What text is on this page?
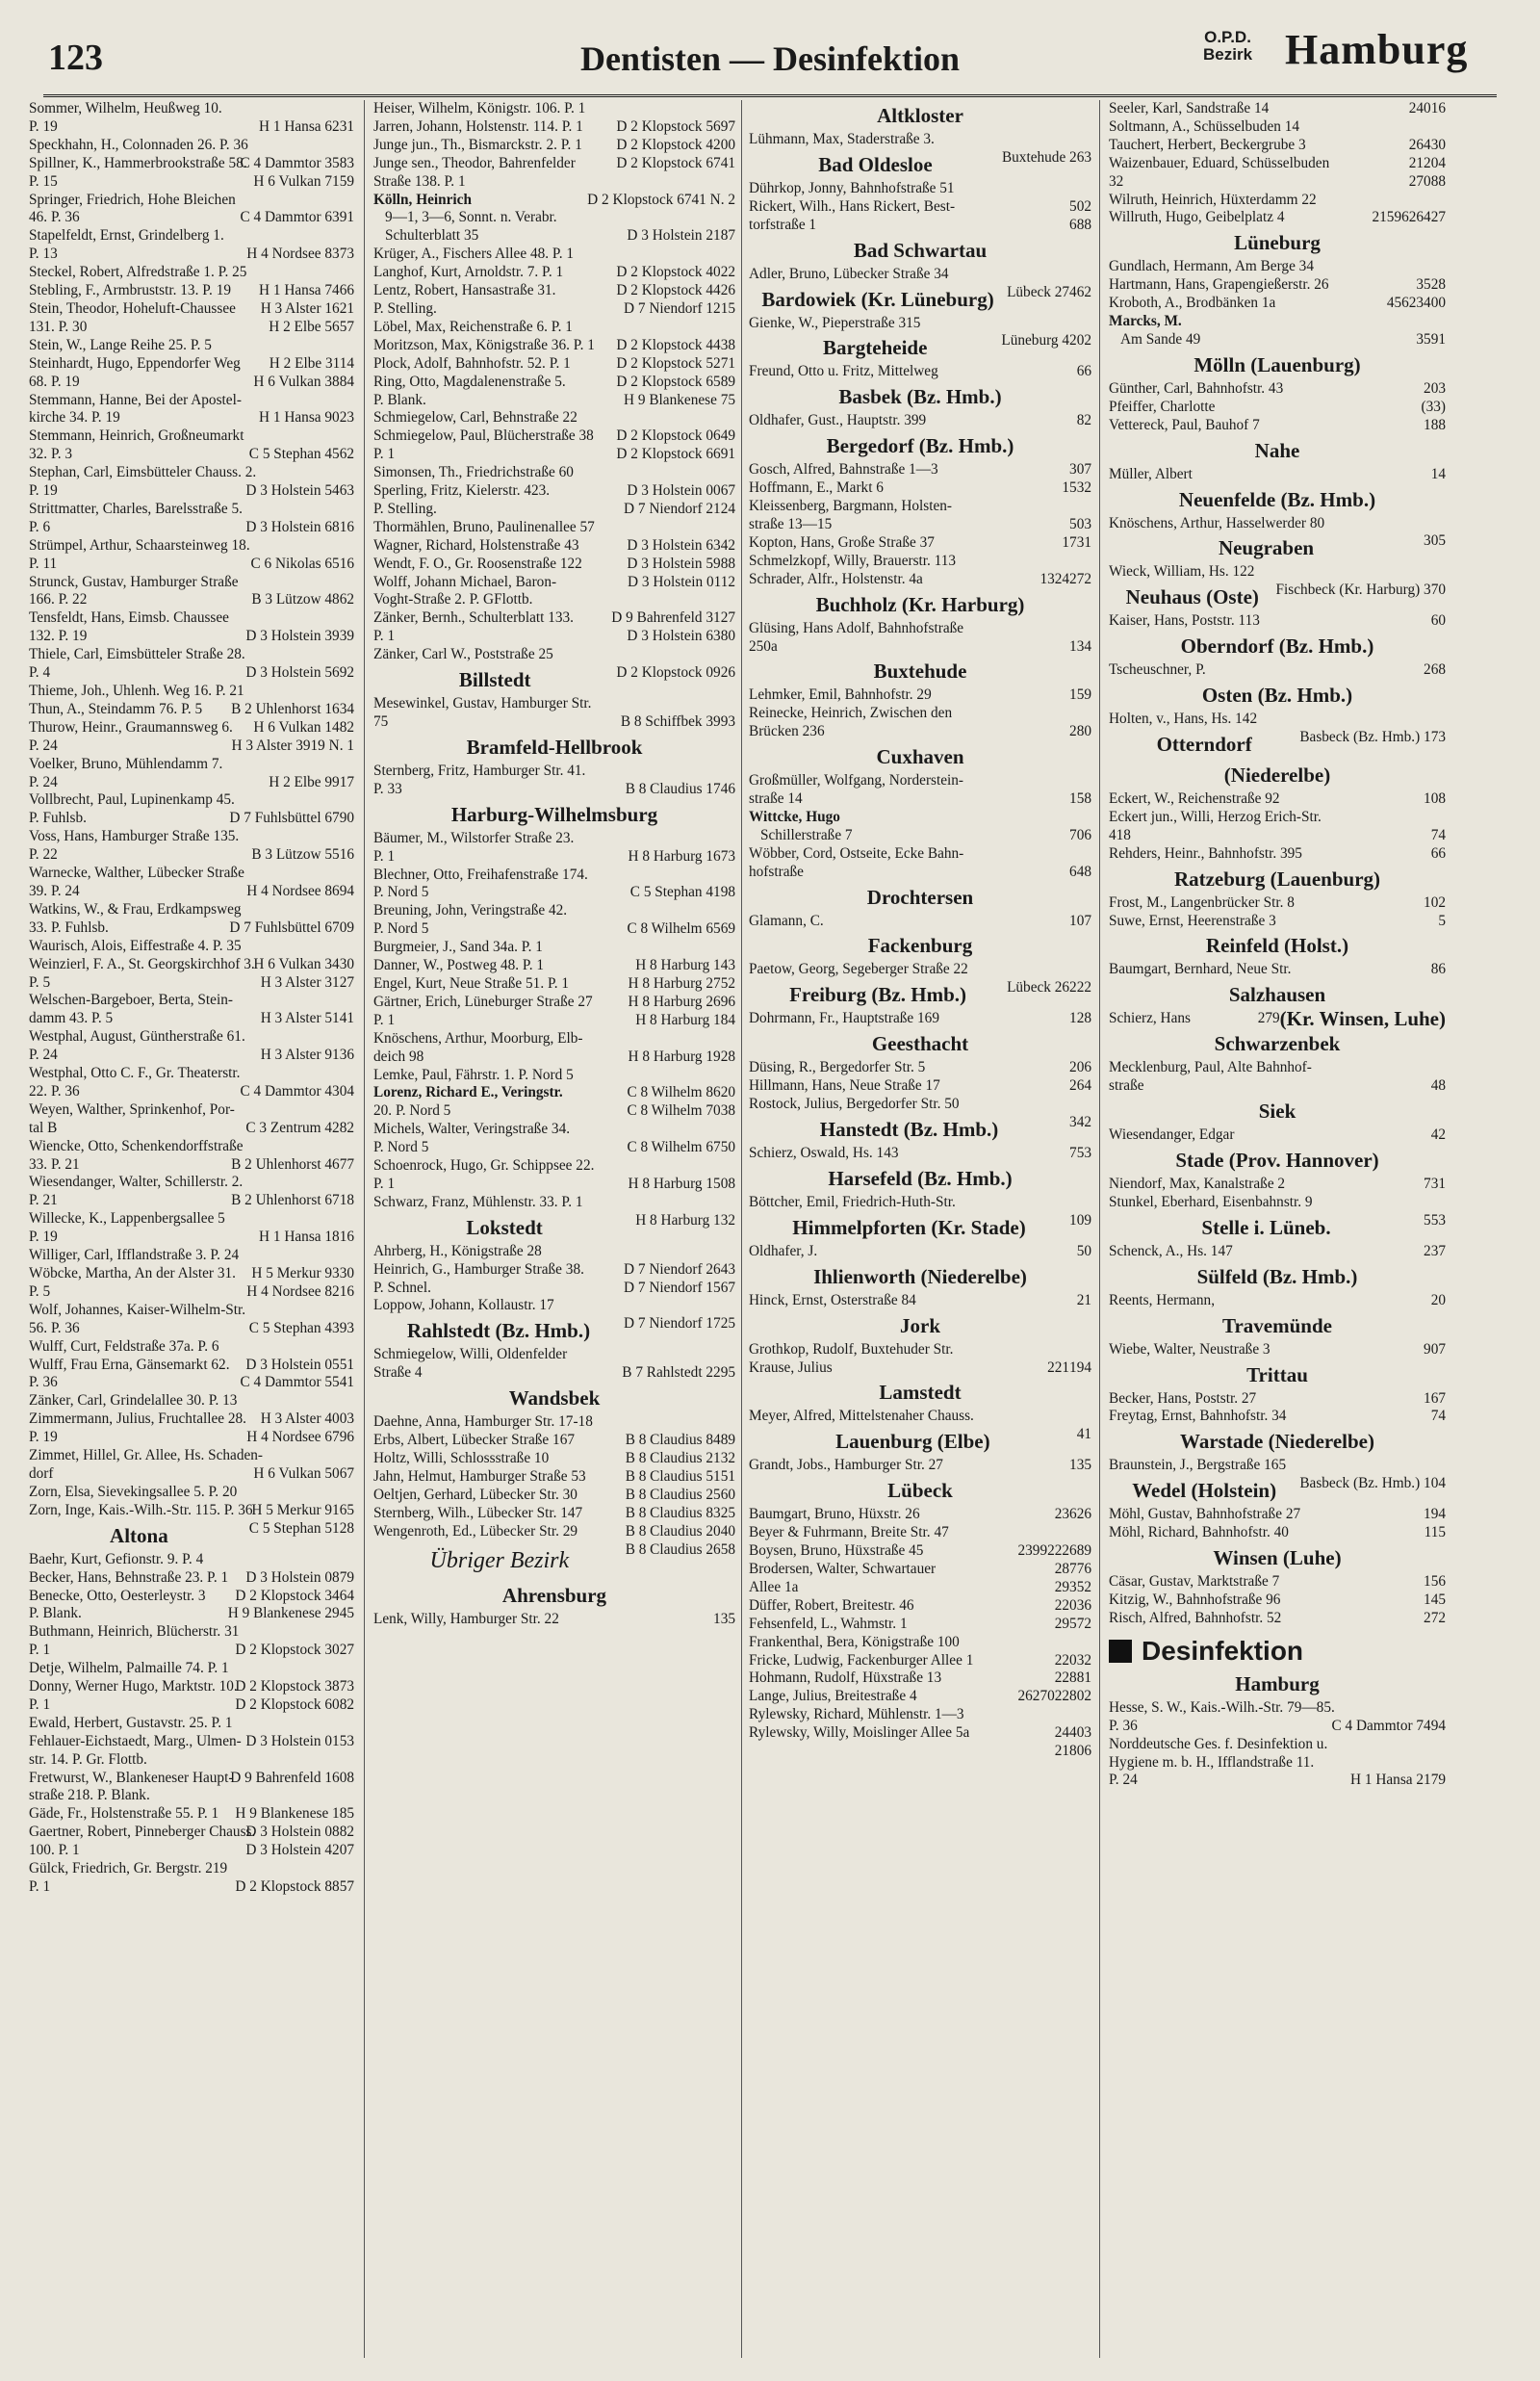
123	Dentisten — Desinfektion
O.P.D.
Bezirk Hamburg
Sommer, Wilhelm, Heußweg 10.
H 1 Hansa 6231
P. 19
Speckhahn, H., Colonnaden 26. P. 36
C 4 Dammtor 3583
Spillner, K., Hammerbrookstraße 58.
H 6 Vulkan 7159
P. 15
Springer, Friedrich, Hohe Bleichen
C 4 Dammtor 6391
46. P. 36
Stapelfeldt, Ernst, Grindelberg 1.
H 4 Nordsee 8373
P. 13
Steckel, Robert, Alfredstraße 1. P. 25
H 1 Hansa 7466
Stebling, F., Armbruststr. 13. P. 19
H 3 Alster 1621
Stein, Theodor, Hoheluft-Chaussee
H 2 Elbe 5657
131. P. 30
Stein, W., Lange Reihe 25. P. 5
H 2 Elbe 3114
Steinhardt, Hugo, Eppendorfer Weg
H 6 Vulkan 3884
68. P. 19
Stemmann, Hanne, Bei der Apostel-
H 1 Hansa 9023
kirche 34. P. 19
Stemmann, Heinrich, Großneumarkt
C 5 Stephan 4562
32. P. 3
Stephan, Carl, Eimsbütteler Chauss. 2.
D 3 Holstein 5463
P. 19
Strittmatter, Charles, Barelsstraße 5.
D 3 Holstein 6816
P. 6
Strümpel, Arthur, Schaarsteinweg 18.
C 6 Nikolas 6516
P. 11
Strunck, Gustav, Hamburger Straße
B 3 Lützow 4862
166. P. 22
Tensfeldt, Hans, Eimsb. Chaussee
D 3 Holstein 3939
132. P. 19
Thiele, Carl, Eimsbütteler Straße 28.
D 3 Holstein 5692
P. 4
Thieme, Joh., Uhlenh. Weg 16. P. 21
B 2 Uhlenhorst 1634
Thun, A., Steindamm 76. P. 5
H 6 Vulkan 1482
Thurow, Heinr., Graumannsweg 6.
H 3 Alster 3919 N. 1
P. 24
Voelker, Bruno, Mühlendamm 7.
H 2 Elbe 9917
P. 24
Vollbrecht, Paul, Lupinenkamp 45.
D 7 Fuhlsbüttel 6790
P. Fuhlsb.
Voss, Hans, Hamburger Straße 135.
B 3 Lützow 5516
P. 22
Warnecke, Walther, Lübecker Straße
H 4 Nordsee 8694
39. P. 24
Watkins, W., & Frau, Erdkampsweg
D 7 Fuhlsbüttel 6709
33. P. Fuhlsb.
Waurisch, Alois, Eiffestraße 4. P. 35
H 6 Vulkan 3430
Weinzierl, F. A., St. Georgskirchhof 3.
H 3 Alster 3127
P. 5
Welschen-Bargeboer, Berta, Stein-
H 3 Alster 5141
damm 43. P. 5
Westphal, August, Güntherstraße 61.
H 3 Alster 9136
P. 24
Westphal, Otto C. F., Gr. Theaterstr.
C 4 Dammtor 4304
22. P. 36
Weyen, Walther, Sprinkenhof, Por-
C 3 Zentrum 4282
tal B
Wiencke, Otto, Schenkendorffstraße
B 2 Uhlenhorst 4677
33. P. 21
Wiesendanger, Walter, Schillerstr. 2.
B 2 Uhlenhorst 6718
P. 21
Willecke, K., Lappenbergsallee 5
H 1 Hansa 1816
P. 19
Williger, Carl, Ifflandstraße 3. P. 24
H 5 Merkur 9330
Wöbcke, Martha, An der Alster 31.
H 4 Nordsee 8216
P. 5
Wolf, Johannes, Kaiser-Wilhelm-Str.
C 5 Stephan 4393
56. P. 36
Wulff, Curt, Feldstraße 37a. P. 6
D 3 Holstein 0551
Wulff, Frau Erna, Gänsemarkt 62.
C 4 Dammtor 5541
P. 36
Zänker, Carl, Grindelallee 30. P. 13
H 3 Alster 4003
Zimmermann, Julius, Fruchtallee 28.
H 4 Nordsee 6796
P. 19
Zimmet, Hillel, Gr. Allee, Hs. Schaden-
H 6 Vulkan 5067
dorf
Zorn, Elsa, Sievekingsallee 5. P. 20
H 5 Merkur 9165
Zorn, Inge, Kais.-Wilh.-Str. 115. P. 36
C 5 Stephan 5128
Altona
Baehr, Kurt, Gefionstr. 9. P. 4
D 3 Holstein 0879
Becker, Hans, Behnstraße 23. P. 1
D 2 Klopstock 3464
Benecke, Otto, Oesterleystr. 3
H 9 Blankenese 2945
P. Blank.
Buthmann, Heinrich, Blücherstr. 31
D 2 Klopstock 3027
P. 1
Detje, Wilhelm, Palmaille 74. P. 1
D 2 Klopstock 3873
Donny, Werner Hugo, Marktstr. 10.
D 2 Klopstock 6082
P. 1
Ewald, Herbert, Gustavstr. 25. P. 1
D 3 Holstein 0153
Fehlauer-Eichstaedt, Marg., Ulmen-
str. 14. P. Gr. Flottb.
D 9 Bahrenfeld 1608
Fretwurst, W., Blankeneser Haupt-
straße 218. P. Blank.
H 9 Blankenese 185
Gäde, Fr., Holstenstraße 55. P. 1
D 3 Holstein 0882
Gaertner, Robert, Pinneberger Chauss.
D 3 Holstein 4207
100. P. 1
Gülck, Friedrich, Gr. Bergstr. 219
D 2 Klopstock 8857
P. 1
Heiser, Wilhelm, Königstr. 106. P. 1
D 2 Klopstock 5697
Jarren, Johann, Holstenstr. 114. P. 1
D 2 Klopstock 4200
Junge jun., Th., Bismarckstr. 2. P. 1
D 2 Klopstock 6741
Junge sen., Theodor, Bahrenfelder
Straße 138. P. 1
D 2 Klopstock 6741 N. 2
Kölln, Heinrich
9—1, 3—6, Sonnt. n. Verabr.
D 3 Holstein 2187
Schulterblatt 35
Krüger, A., Fischers Allee 48. P. 1
D 2 Klopstock 4022
Langhof, Kurt, Arnoldstr. 7. P. 1
D 2 Klopstock 4426
Lentz, Robert, Hansastraße 31.
D 7 Niendorf 1215
P. Stelling.
Löbel, Max, Reichenstraße 6. P. 1
D 2 Klopstock 4438
Moritzson, Max, Königstraße 36. P. 1
D 2 Klopstock 5271
Plock, Adolf, Bahnhofstr. 52. P. 1
D 2 Klopstock 6589
Ring, Otto, Magdalenenstraße 5.
H 9 Blankenese 75
P. Blank.
Schmiegelow, Carl, Behnstraße 22
D 2 Klopstock 0649
Schmiegelow, Paul, Blücherstraße 38
D 2 Klopstock 6691
P. 1
Simonsen, Th., Friedrichstraße 60
D 3 Holstein 0067
Sperling, Fritz, Kielerstr. 423.
D 7 Niendorf 2124
P. Stelling.
Thormählen, Bruno, Paulinenallee 57
D 3 Holstein 6342
Wagner, Richard, Holstenstraße 43
D 3 Holstein 5988
Wendt, F. O., Gr. Roosenstraße 122
D 3 Holstein 0112
Wolff, Johann Michael, Baron-
Voght-Straße 2. P. GFlottb.
D 9 Bahrenfeld 3127
Zänker, Bernh., Schulterblatt 133.
D 3 Holstein 6380
P. 1
Zänker, Carl W., Poststraße 25
D 2 Klopstock 0926
Billstedt
Mesewinkel, Gustav, Hamburger Str.
B 8 Schiffbek 3993
75
Bramfeld-Hellbrook
Sternberg, Fritz, Hamburger Str. 41.
B 8 Claudius 1746
P. 33
Harburg-Wilhelmsburg
Bäumer, M., Wilstorfer Straße 23.
H 8 Harburg 1673
P. 1
Blechner, Otto, Freihafenstraße 174.
C 5 Stephan 4198
P. Nord 5
Breuning, John, Veringstraße 42.
C 8 Wilhelm 6569
P. Nord 5
Burgmeier, J., Sand 34a. P. 1
H 8 Harburg 143
Danner, W., Postweg 48. P. 1
H 8 Harburg 2752
Engel, Kurt, Neue Straße 51. P. 1
H 8 Harburg 2696
Gärtner, Erich, Lüneburger Straße 27
H 8 Harburg 184
P. 1
Knöschens, Arthur, Moorburg, Elb-
H 8 Harburg 1928
deich 98
Lemke, Paul, Fährstr. 1. P. Nord 5
C 8 Wilhelm 8620
Lorenz, Richard E., Veringstr.
C 8 Wilhelm 7038
20. P. Nord 5
Michels, Walter, Veringstraße 34.
C 8 Wilhelm 6750
P. Nord 5
Schoenrock, Hugo, Gr. Schippsee 22.
H 8 Harburg 1508
P. 1
Schwarz, Franz, Mühlenstr. 33. P. 1
H 8 Harburg 132
Lokstedt
Ahrberg, H., Königstraße 28
D 7 Niendorf 2643
Heinrich, G., Hamburger Straße 38.
D 7 Niendorf 1567
P. Schnel.
Loppow, Johann, Kollaustr. 17
D 7 Niendorf 1725
Rahlstedt (Bz. Hmb.)
Schmiegelow, Willi, Oldenfelder
B 7 Rahlstedt 2295
Straße 4
Wandsbek
Daehne, Anna, Hamburger Str. 17-18
B 8 Claudius 8489
Erbs, Albert, Lübecker Straße 167
B 8 Claudius 2132
Holtz, Willi, Schlossstraße 10
B 8 Claudius 5151
Jahn, Helmut, Hamburger Straße 53
B 8 Claudius 2560
Oeltjen, Gerhard, Lübecker Str. 30
B 8 Claudius 8325
Sternberg, Wilh., Lübecker Str. 147
B 8 Claudius 2040
Wengenroth, Ed., Lübecker Str. 29
B 8 Claudius 2658
Übriger Bezirk
Ahrensburg
135
Lenk, Willy, Hamburger Str. 22
Altkloster
Lühmann, Max, Staderstraße 3.
Buxtehude 263
Bad Oldesloe
Dührkop, Jonny, Bahnhofstraße 51
502
Rickert, Wilh., Hans Rickert, Best-
688
torfstraße 1
Bad Schwartau
Adler, Bruno, Lübecker Straße 34
Lübeck 27462
Bardowiek (Kr. Lüneburg)
Gienke, W., Pieperstraße 315
Lüneburg 4202
Bargteheide
66
Freund, Otto u. Fritz, Mittelweg
Basbek (Bz. Hmb.)
82
Oldhafer, Gust., Hauptstr. 399
Bergedorf (Bz. Hmb.)
307
Gosch, Alfred, Bahnstraße 1—3
1532
Hoffmann, E., Markt 6
Kleissenberg, Bargmann, Holsten-
503
straße 13—15
1731
Kopton, Hans, Große Straße 37
Schmelzkopf, Willy, Brauerstr. 113
272
1324
Schrader, Alfr., Holstenstr. 4a
Buchholz (Kr. Harburg)
Glüsing, Hans Adolf, Bahnhofstraße
134
250a
Buxtehude
159
Lehmker, Emil, Bahnhofstr. 29
Reinecke, Heinrich, Zwischen den
280
Brücken 236
Cuxhaven
Großmüller, Wolfgang, Norderstein-
158
straße 14
Wittcke, Hugo
706
Schillerstraße 7
Wöbber, Cord, Ostseite, Ecke Bahn-
648
hofstraße
Drochtersen
107
Glamann, C.
Fackenburg
Paetow, Georg, Segeberger Straße 22
Lübeck 26222
Freiburg (Bz. Hmb.)
128
Dohrmann, Fr., Hauptstraße 169
Geesthacht
206
Düsing, R., Bergedorfer Str. 5
264
Hillmann, Hans, Neue Straße 17
Rostock, Julius, Bergedorfer Str. 50
342
Hanstedt (Bz. Hmb.)
753
Schierz, Oswald, Hs. 143
Harsefeld (Bz. Hmb.)
Böttcher, Emil, Friedrich-Huth-Str.
109
Himmelpforten (Kr. Stade)
50
Oldhafer, J.
Ihlienworth (Niederelbe)
21
Hinck, Ernst, Osterstraße 84
Jork
Grothkop, Rudolf, Buxtehuder Str.
194
221
Krause, Julius
Lamstedt
Meyer, Alfred, Mittelstenaher Chauss.
41
Lauenburg (Elbe)
135
Grandt, Jobs., Hamburger Str. 27
Lübeck
23626
Baumgart, Bruno, Hüxstr. 26
Beyer & Fuhrmann, Breite Str. 47
22689
23992
Boysen, Bruno, Hüxstraße 45
28776
Brodersen, Walter, Schwartauer
29352
Allee 1a
22036
Düffer, Robert, Breitestr. 46
29572
Fehsenfeld, L., Wahmstr. 1
Frankenthal, Bera, Königstraße 100
22032
Fricke, Ludwig, Fackenburger Allee 1
22881
Hohmann, Rudolf, Hüxstraße 13
22802
26270
Lange, Julius, Breitestraße 4
Rylewsky, Richard, Mühlenstr. 1—3
24403
Rylewsky, Willy, Moislinger Allee 5a
21806
24016
Seeler, Karl, Sandstraße 14
Soltmann, A., Schüsselbuden 14
26430
Tauchert, Herbert, Beckergrube 3
21204
Waizenbauer, Eduard, Schüsselbuden
27088
32
Wilruth, Heinrich, Hüxterdamm 22
26427
21596
Willruth, Hugo, Geibelplatz 4
Lüneburg
Gundlach, Hermann, Am Berge 34
3528
Hartmann, Hans, Grapengießerstr. 26
3400
4562
Kroboth, A., Brodbänken 1a
Marcks, M.
3591
Am Sande 49
Mölln (Lauenburg)
203
Günther, Carl, Bahnhofstr. 43
(33)
Pfeiffer, Charlotte
188
Vettereck, Paul, Bauhof 7
Nahe
14
Müller, Albert
Neuenfelde (Bz. Hmb.)
Knöschens, Arthur, Hasselwerder 80
305
Neugraben
Wieck, William, Hs. 122
Fischbeck (Kr. Harburg) 370
Neuhaus (Oste)
60
Kaiser, Hans, Poststr. 113
Oberndorf (Bz. Hmb.)
268
Tscheuschner, P.
Osten (Bz. Hmb.)
Holten, v., Hans, Hs. 142
Basbeck (Bz. Hmb.) 173
Otterndorf (Niederelbe)
108
Eckert, W., Reichenstraße 92
Eckert jun., Willi, Herzog Erich-Str.
74
418
66
Rehders, Heinr., Bahnhofstr. 395
Ratzeburg (Lauenburg)
102
Frost, M., Langenbrücker Str. 8
5
Suwe, Ernst, Heerenstraße 3
Reinfeld (Holst.)
86
Baumgart, Bernhard, Neue Str.
Salzhausen
(Kr. Winsen, Luhe)
279
Schierz, Hans
Schwarzenbek
Mecklenburg, Paul, Alte Bahnhof-
48
straße
Siek
42
Wiesendanger, Edgar
Stade (Prov. Hannover)
731
Niendorf, Max, Kanalstraße 2
Stunkel, Eberhard, Eisenbahnstr. 9
553
Stelle i. Lüneb.
237
Schenck, A., Hs. 147
Sülfeld (Bz. Hmb.)
20
Reents, Hermann,
Travemünde
907
Wiebe, Walter, Neustraße 3
Trittau
167
Becker, Hans, Poststr. 27
74
Freytag, Ernst, Bahnhofstr. 34
Warstade (Niederelbe)
Braunstein, J., Bergstraße 165
Basbeck (Bz. Hmb.) 104
Wedel (Holstein)
194
Möhl, Gustav, Bahnhofstraße 27
115
Möhl, Richard, Bahnhofstr. 40
Winsen (Luhe)
156
Cäsar, Gustav, Marktstraße 7
145
Kitzig, W., Bahnhofstraße 96
272
Risch, Alfred, Bahnhofstr. 52
Desinfektion
Hamburg
Hesse, S. W., Kais.-Wilh.-Str. 79—85.
C 4 Dammtor 7494
P. 36
Norddeutsche Ges. f. Desinfektion u.
Hygiene m. b. H., Ifflandstraße 11.
H 1 Hansa 2179
P. 24
